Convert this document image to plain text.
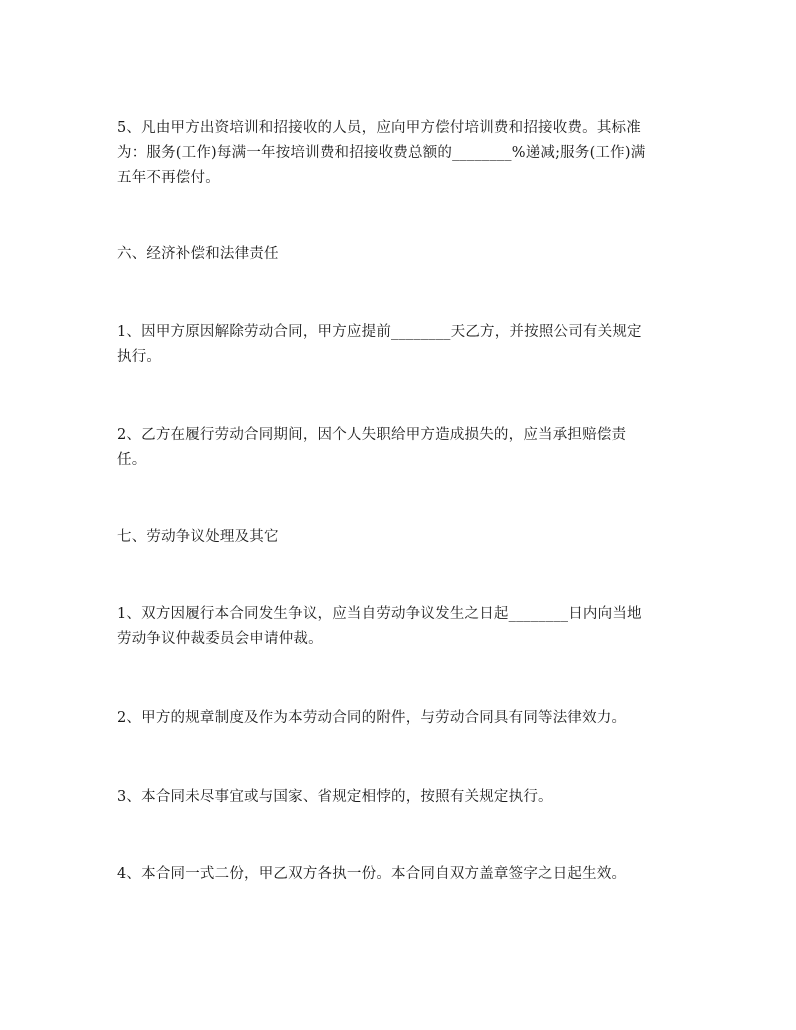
5、凡由甲方出资培训和招接收的人员，应向甲方偿付培训费和招接收费。其标准
为：服务(工作)每满一年按培训费和招接收费总额的________%递减;服务(工作)满
五年不再偿付。
六、经济补偿和法律责任
1、因甲方原因解除劳动合同，甲方应提前________天乙方，并按照公司有关规定
执行。
2、乙方在履行劳动合同期间，因个人失职给甲方造成损失的，应当承担赔偿责
任。
七、劳动争议处理及其它
1、双方因履行本合同发生争议，应当自劳动争议发生之日起________日内向当地
劳动争议仲裁委员会申请仲裁。
2、甲方的规章制度及作为本劳动合同的附件，与劳动合同具有同等法律效力。
3、本合同未尽事宜或与国家、省规定相悖的，按照有关规定执行。
4、本合同一式二份，甲乙双方各执一份。本合同自双方盖章签字之日起生效。
